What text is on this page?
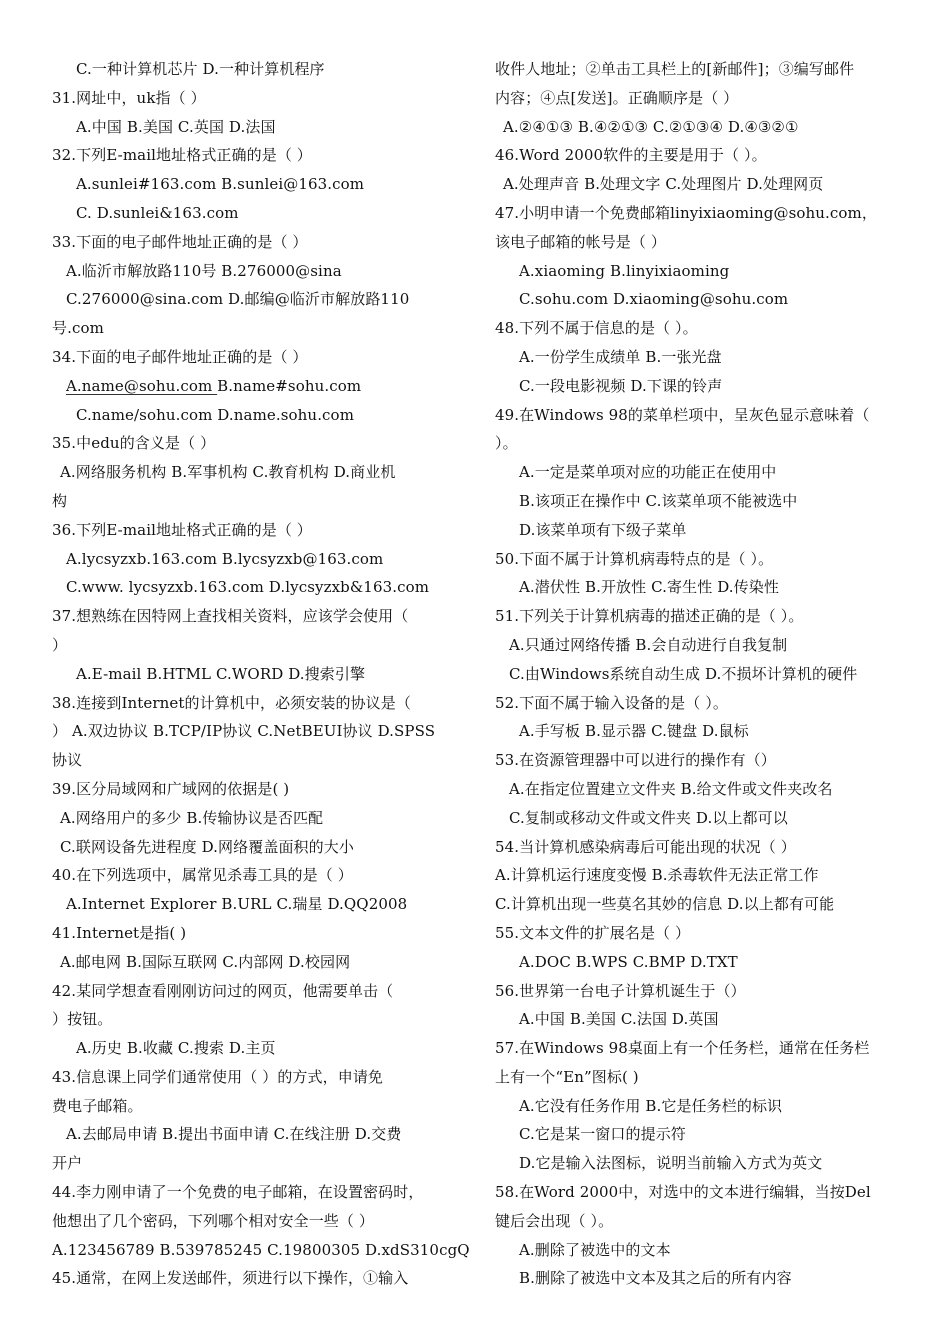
C.一种计算机芯片 D.一种计算机程序
31.网址中，uk指（ ）
A.中国 B.美国 C.英国 D.法国
32.下列E-mail地址格式正确的是（ ）
A.sunlei#163.com B.sunlei@163.com
C. D.sunlei&163.com
33.下面的电子邮件地址正确的是（ ）
A.临沂市解放路110号 B.276000@sina
C.276000@sina.com D.邮编@临沂市解放路110
号.com
34.下面的电子邮件地址正确的是（ ）
A.name@sohu.com B.name#sohu.com
C.name/sohu.com D.name.sohu.com
35.中edu的含义是（ ）
A.网络服务机构 B.军事机构 C.教育机构 D.商业机
构
36.下列E-mail地址格式正确的是（ ）
A.lycsyzxb.163.com B.lycsyzxb@163.com
C.www. lycsyzxb.163.com D.lycsyzxb&163.com
37.想熟练在因特网上查找相关资料，应该学会使用（
）
A.E-mail B.HTML C.WORD D.搜索引擎
38.连接到Internet的计算机中，必须安装的协议是（
） A.双边协议 B.TCP/IP协议 C.NetBEUI协议 D.SPSS
协议
39.区分局域网和广域网的依据是( )
A.网络用户的多少 B.传输协议是否匹配
C.联网设备先进程度 D.网络覆盖面积的大小
40.在下列选项中，属常见杀毒工具的是（ ）
A.Internet Explorer B.URL C.瑞星 D.QQ2008
41.Internet是指( )
A.邮电网 B.国际互联网 C.内部网 D.校园网
42.某同学想查看刚刚访问过的网页，他需要单击（
）按钮。
A.历史 B.收藏 C.搜索 D.主页
43.信息课上同学们通常使用（ ）的方式，申请免
费电子邮箱。
A.去邮局申请 B.提出书面申请 C.在线注册 D.交费
开户
44.李力刚申请了一个免费的电子邮箱，在设置密码时，
他想出了几个密码，下列哪个相对安全一些（ ）
A.123456789 B.539785245 C.19800305 D.xdS310cgQ
45.通常，在网上发送邮件，须进行以下操作，①输入
收件人地址；②单击工具栏上的[新邮件]；③编写邮件
内容；④点[发送]。正确顺序是（ ）
A.②④①③ B.④②①③ C.②①③④ D.④③②①
46.Word 2000软件的主要是用于（ ）。
A.处理声音 B.处理文字 C.处理图片 D.处理网页
47.小明申请一个免费邮箱linyixiaoming@sohu.com，
该电子邮箱的帐号是（ ）
A.xiaoming B.linyixiaoming
C.sohu.com D.xiaoming@sohu.com
48.下列不属于信息的是（ ）。
A.一份学生成绩单 B.一张光盘
C.一段电影视频 D.下课的铃声
49.在Windows 98的菜单栏项中，呈灰色显示意味着（
）。
A.一定是菜单项对应的功能正在使用中
B.该项正在操作中 C.该菜单项不能被选中
D.该菜单项有下级子菜单
50.下面不属于计算机病毒特点的是（ ）。
A.潜伏性 B.开放性 C.寄生性 D.传染性
51.下列关于计算机病毒的描述正确的是（ ）。
A.只通过网络传播 B.会自动进行自我复制
C.由Windows系统自动生成 D.不损坏计算机的硬件
52.下面不属于输入设备的是（ ）。
A.手写板 B.显示器 C.键盘 D.鼠标
53.在资源管理器中可以进行的操作有（）
A.在指定位置建立文件夹 B.给文件或文件夹改名
C.复制或移动文件或文件夹 D.以上都可以
54.当计算机感染病毒后可能出现的状况（ ）
A.计算机运行速度变慢 B.杀毒软件无法正常工作
C.计算机出现一些莫名其妙的信息 D.以上都有可能
55.文本文件的扩展名是（ ）
A.DOC B.WPS C.BMP D.TXT
56.世界第一台电子计算机诞生于（）
A.中国 B.美国 C.法国 D.英国
57.在Windows 98桌面上有一个任务栏，通常在任务栏
上有一个“En”图标( )
A.它没有任务作用 B.它是任务栏的标识
C.它是某一窗口的提示符
D.它是输入法图标，说明当前输入方式为英文
58.在Word 2000中，对选中的文本进行编辑，当按Del
键后会出现（ ）。
A.删除了被选中的文本
B.删除了被选中文本及其之后的所有内容
